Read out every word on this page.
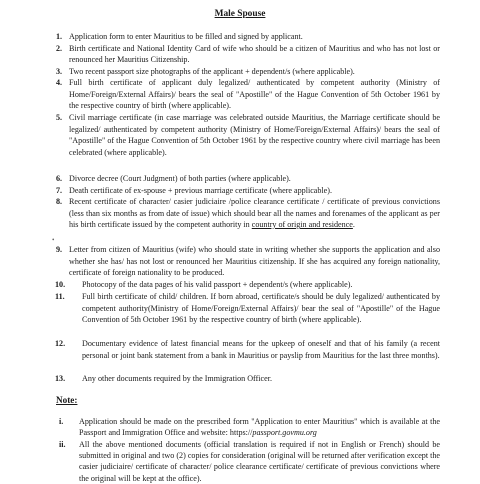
Male Spouse

1. Application form to enter Mauritius to be filled and signed by applicant.

2. Birth certificate and National Identity Card of wife who should be a citizen of Mauritius and who has not lost or renounced her Mauritius Citizenship.

3. Two recent passport size photographs of the applicant + dependent/s (where applicable).

4. Full birth certificate of applicant duly legalized/ authenticated by competent authority (Ministry of Home/Foreign/External Affairs)/ bears the seal of "Apostille" of the Hague Convention of 5th October 1961 by the respective country of birth (where applicable).

5. Civil marriage certificate (in case marriage was celebrated outside Mauritius, the Marriage certificate should be legalized/ authenticated by competent authority (Ministry of Home/Foreign/External Affairs)/ bears the seal of "Apostille" of the Hague Convention of 5th October 1961 by the respective country where civil marriage has been celebrated (where applicable).

6. Divorce decree (Court Judgment) of both parties (where applicable).

7. Death certificate of ex-spouse + previous marriage certificate (where applicable).

8. Recent certificate of character/ casier judiciaire /police clearance certificate / certificate of previous convictions (less than six months as from date of issue) which should bear all the names and forenames of the applicant as per his birth certificate issued by the competent authority in country of origin and residence.

•

9. Letter from citizen of Mauritius (wife) who should state in writing whether she supports the application and also whether she has/ has not lost or renounced her Mauritius citizenship. If she has acquired any foreign nationality, certificate of foreign nationality to be produced.

10.	Photocopy of the data pages of his valid passport + dependent/s (where applicable).

11.	Full birth certificate of child/ children. If born abroad, certificate/s should be duly legalized/ authenticated by competent authority(Ministry of Home/Foreign/External Affairs)/ bear the seal of "Apostille" of the Hague Convention of 5th October 1961 by the respective country of birth (where applicable).

12.	Documentary evidence of latest financial means for the upkeep of oneself and that of his family (a recent personal or joint bank statement from a bank in Mauritius or payslip from Mauritius for the last three months).

13.	Any other documents required by the Immigration Officer.

Note:

i.	Application should be made on the prescribed form "Application to enter Mauritius" which is available at the Passport and Immigration Office and website: https://passport.govmu.org

ii.	All the above mentioned documents (official translation is required if not in English or French) should be submitted in original and two (2) copies for consideration (original will be returned after verification except the casier judiciaire/ certificate of character/ police clearance certificate/ certificate of previous convictions where the original will be kept at the office).
